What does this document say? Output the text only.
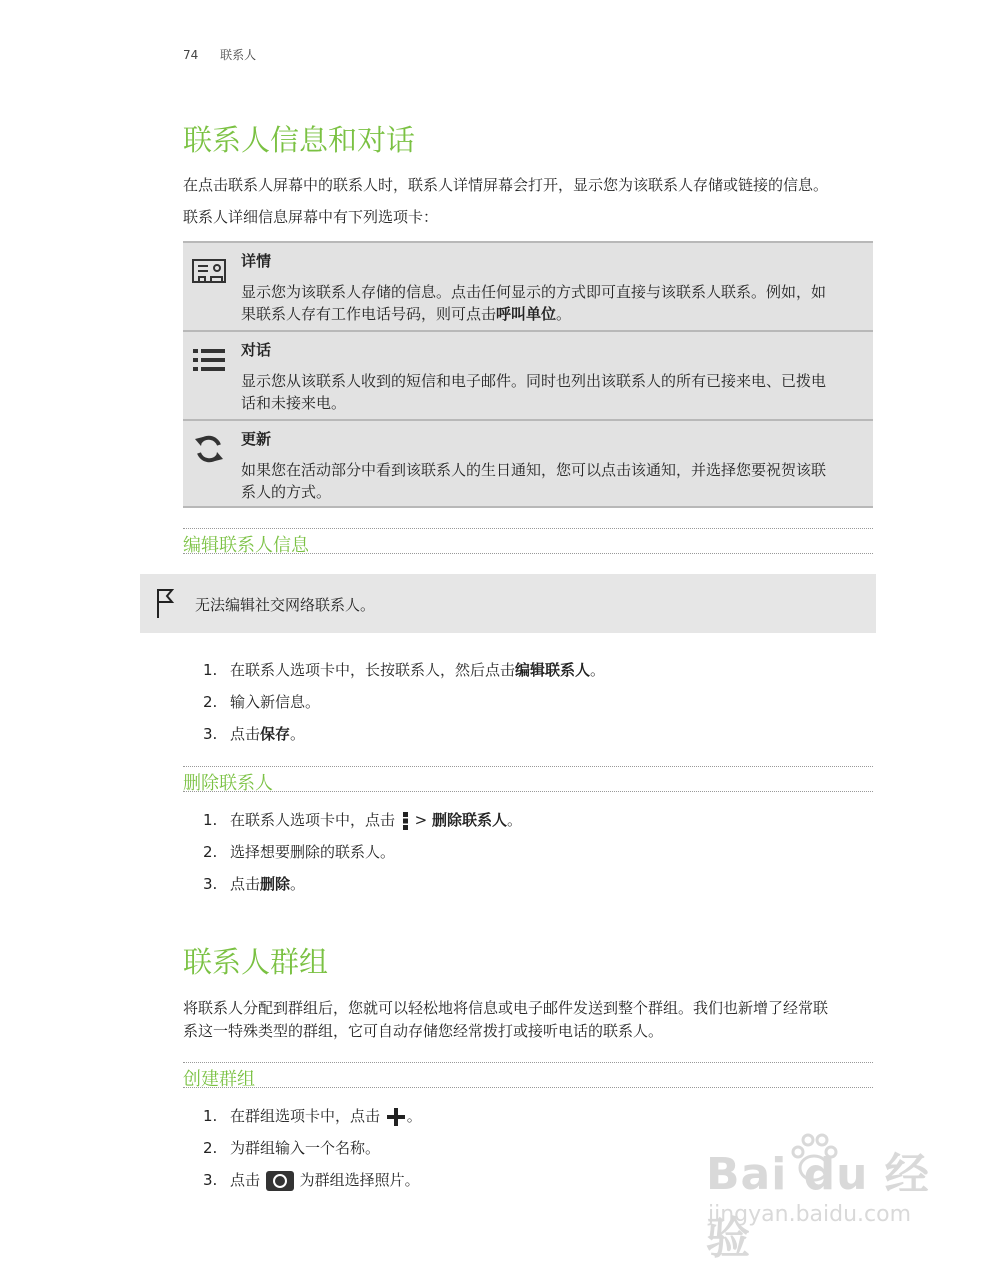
74 联系人
联系人信息和对话

在点击联系人屏幕中的联系人时，联系人详情屏幕会打开，显示您为该联系人存储或链接的信息。

联系人详细信息屏幕中有下列选项卡：

详情
显示您为该联系人存储的信息。点击任何显示的方式即可直接与该联系人联系。例如，如
果联系人存有工作电话号码，则可点击呼叫单位。
对话
显示您从该联系人收到的短信和电子邮件。同时也列出该联系人的所有已接来电、已拨电
话和未接来电。
更新
如果您在活动部分中看到该联系人的生日通知，您可以点击该通知，并选择您要祝贺该联
系人的方式。
编辑联系人信息
无法编辑社交网络联系人。
1. 在联系人选项卡中，长按联系人，然后点击编辑联系人。
2. 输入新信息。
3. 点击保存。
删除联系人
1. 在联系人选项卡中，点击 > 删除联系人。
2. 选择想要删除的联系人。
3. 点击删除。
联系人群组

将联系人分配到群组后，您就可以轻松地将信息或电子邮件发送到整个群组。我们也新增了经常联

系这一特殊类型的群组，它可自动存储您经常拨打或接听电话的联系人。

创建群组
1. 在群组选项卡中，点击 。
2. 为群组输入一个名称。
3. 点击	为群组选择照片。	Bai du 经验
jingyan.baidu.com
